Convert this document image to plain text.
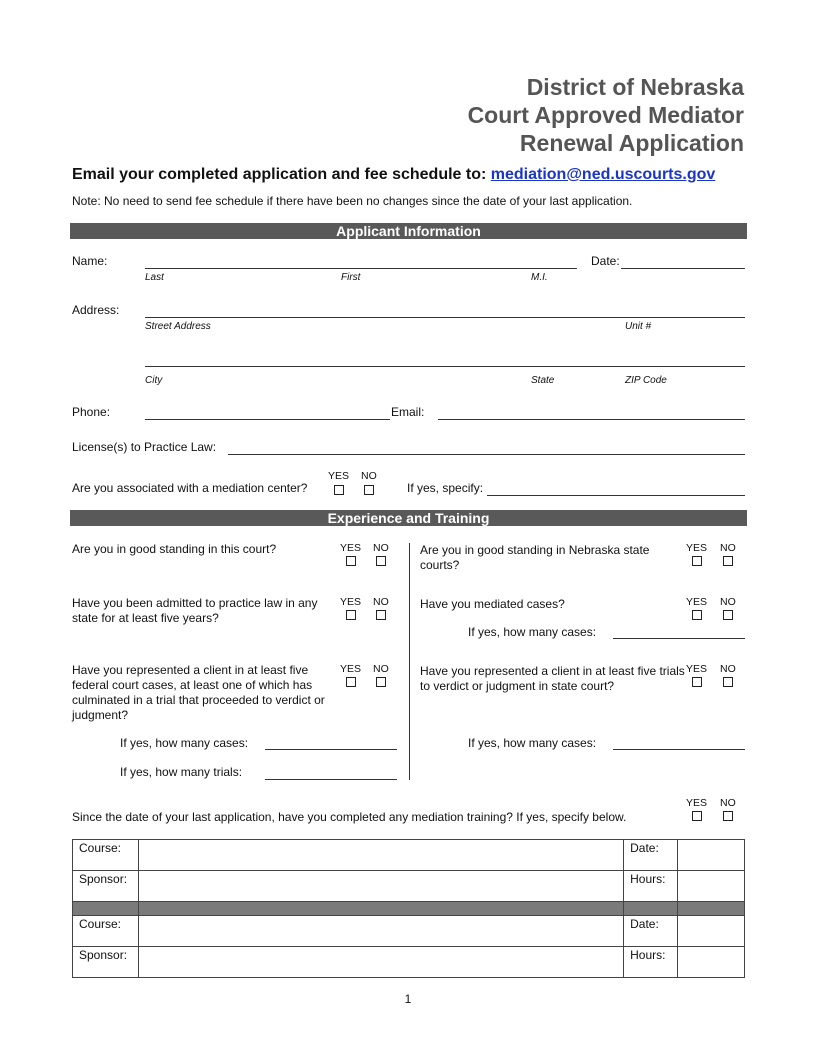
District of Nebraska
Court Approved Mediator
Renewal Application
Email your completed application and fee schedule to: mediation@ned.uscourts.gov
Note: No need to send fee schedule if there have been no changes since the date of your last application.
Applicant Information
Name:	Date:
Last	First	M.I.
Address:
Street Address	Unit #
City	State	ZIP Code
Phone:	Email:
License(s) to Practice Law:
YES NO
Are you associated with a mediation center?	If yes, specify:
Experience and Training
Are you in good standing in this court?	YES NO	Are you in good standing in Nebraska state courts?
YES NO
Have you been admitted to practice law in any state for at least five years?
YES NO	Have you mediated cases?	YES NO
If yes, how many cases:
Have you represented a client in at least five federal court cases, at least one of which has culminated in a trial that proceeded to verdict or judgment?
YES NO
If yes, how many cases:
If yes, how many trials:
Have you represented a client in at least five trials to verdict or judgment in state court?
YES NO
If yes, how many cases:
YES NO
Since the date of your last application, have you completed any mediation training? If yes, specify below.
Course:		Date:	
Sponsor:		Hours:	

Course:		Date:	
Sponsor:		Hours:	
1
